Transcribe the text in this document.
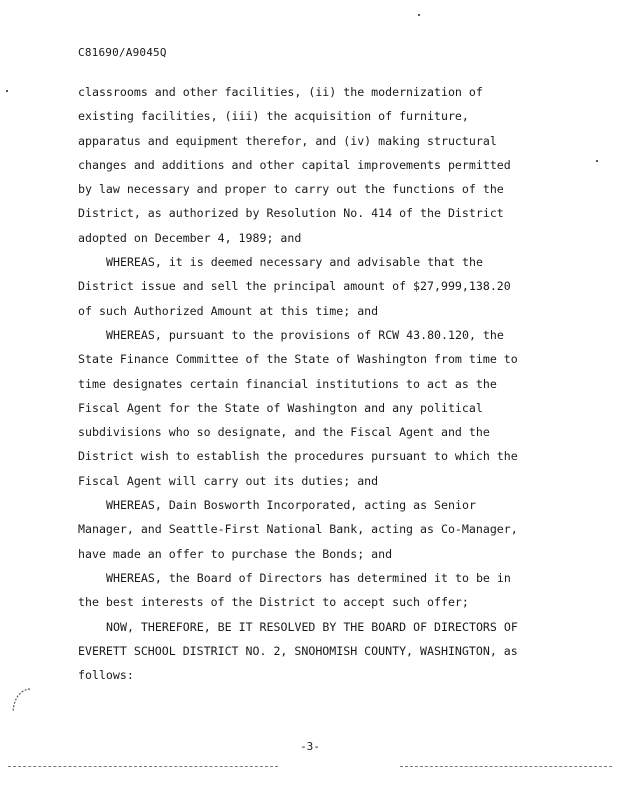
C81690/A9045Q
classrooms and other facilities, (ii) the modernization of
existing facilities, (iii) the acquisition of furniture,
apparatus and equipment therefor, and (iv) making structural
changes and additions and other capital improvements permitted
by law necessary and proper to carry out the functions of the
District, as authorized by Resolution No. 414 of the District
adopted on December 4, 1989; and
WHEREAS, it is deemed necessary and advisable that the
District issue and sell the principal amount of $27,999,138.20
of such Authorized Amount at this time; and
WHEREAS, pursuant to the provisions of RCW 43.80.120, the
State Finance Committee of the State of Washington from time to
time designates certain financial institutions to act as the
Fiscal Agent for the State of Washington and any political
subdivisions who so designate, and the Fiscal Agent and the
District wish to establish the procedures pursuant to which the
Fiscal Agent will carry out its duties; and
WHEREAS, Dain Bosworth Incorporated, acting as Senior
Manager, and Seattle-First National Bank, acting as Co-Manager,
have made an offer to purchase the Bonds; and
WHEREAS, the Board of Directors has determined it to be in
the best interests of the District to accept such offer;
NOW, THEREFORE, BE IT RESOLVED BY THE BOARD OF DIRECTORS OF
EVERETT SCHOOL DISTRICT NO. 2, SNOHOMISH COUNTY, WASHINGTON, as
follows:
-3-
